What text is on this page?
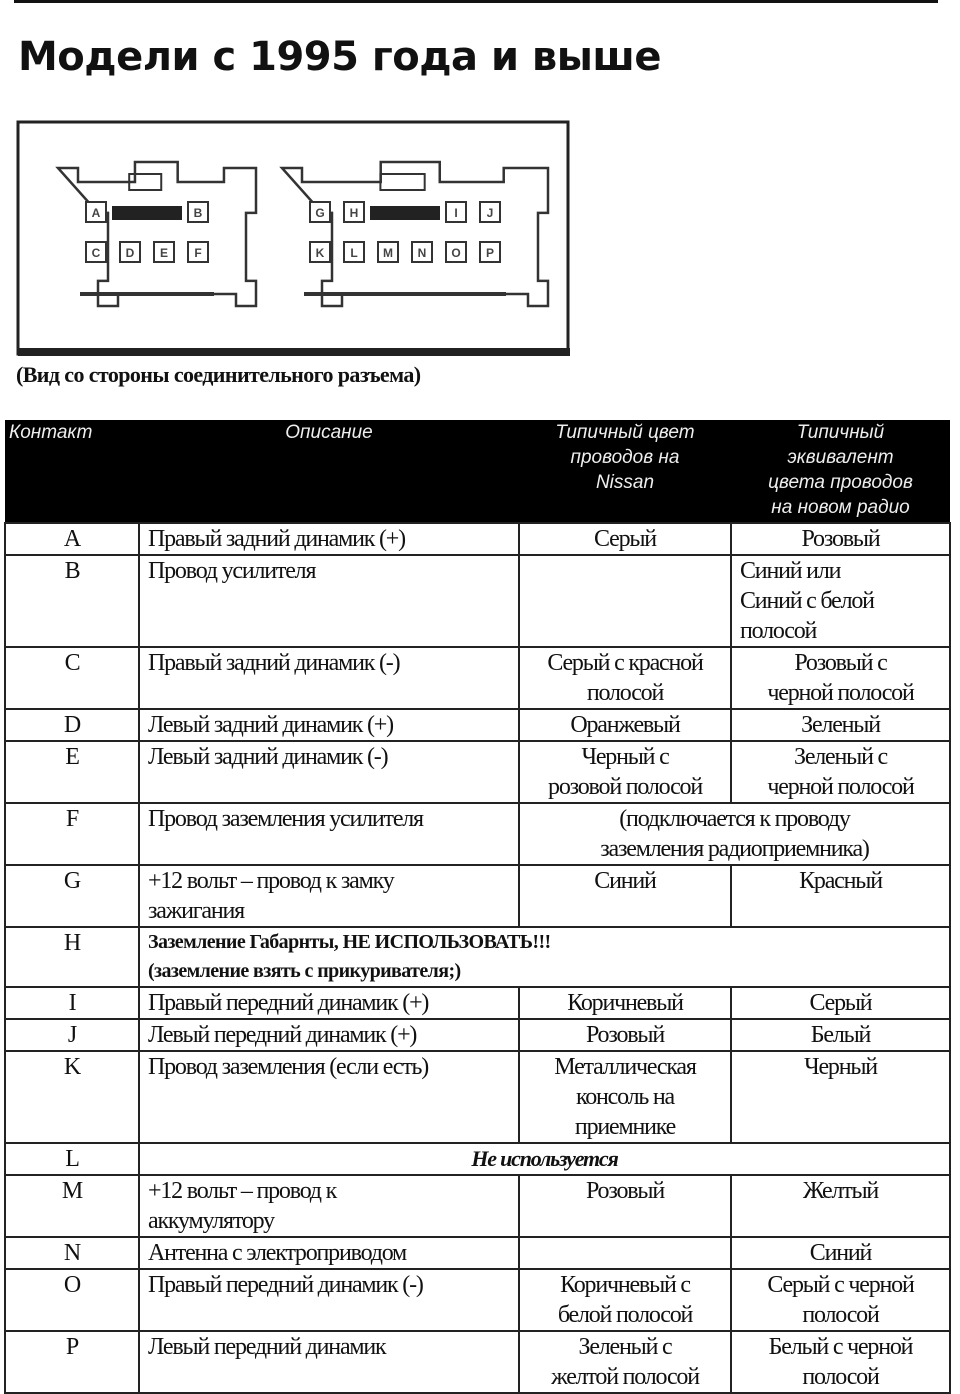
Модели с 1995 года и выше
C D E F
A	B
K L M N O P
G H	I J
(Вид со стороны соединительного разъема)
Контакт	Описание	Типичный цвет
проводов на
Nissan	Типичный
эквивалент
цвета проводов
на новом радио
A	Правый задний динамик (+)	Серый	Розовый
B	Провод усилителя		Синий или
Синий с белой
полосой
C	Правый задний динамик (-)	Серый с красной
полосой	Розовый с
черной полосой
D	Левый задний динамик (+)	Оранжевый	Зеленый
E	Левый задний динамик (-)	Черный с
розовой полосой	Зеленый с
черной полосой
F	Провод заземления усилителя	(подключается к проводу
заземления радиоприемника)	
G	+12 вольт – провод к замку
зажигания	Синий	Красный
H	Заземление Габарнты, НЕ ИСПОЛЬЗОВАТЬ!!!
(заземление взять с прикуривателя;)		
I	Правый передний динамик (+)	Коричневый	Серый
J	Левый передний динамик (+)	Розовый	Белый
K	Провод заземления (если есть)	Металлическая
консоль на
приемнике	Черный
L	Не используется		
M	+12 вольт – провод к
аккумулятору	Розовый	Желтый
N	Антенна с электроприводом		Синий
O	Правый передний динамик (-)	Коричневый с
белой полосой	Серый с черной
полосой
P	Левый передний динамик	Зеленый с
желтой полосой	Белый с черной
полосой
